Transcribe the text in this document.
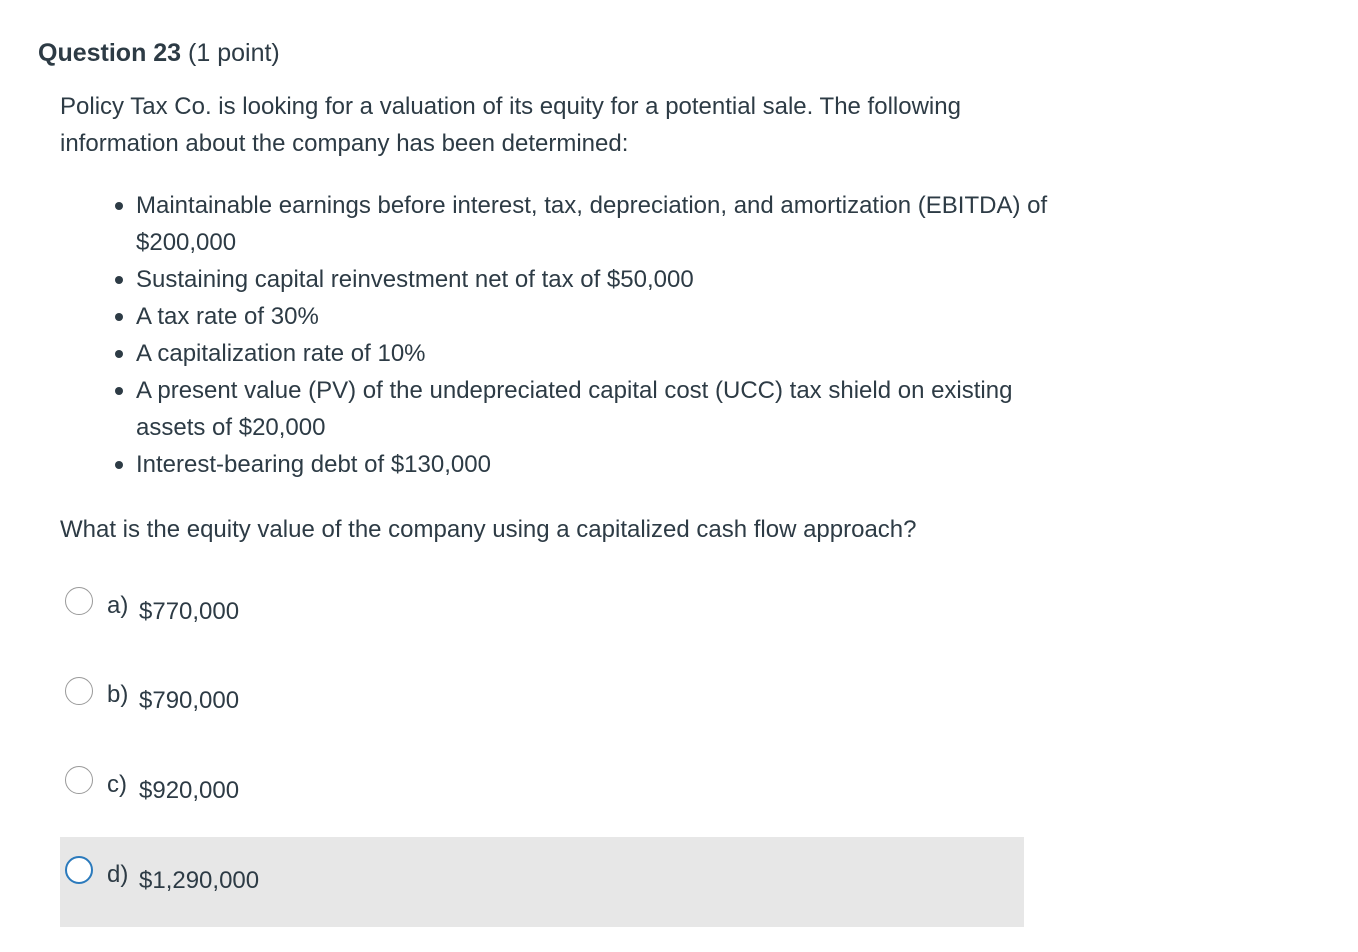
Question 23 (1 point)

Policy Tax Co. is looking for a valuation of its equity for a potential sale. The following information about the company has been determined:

Maintainable earnings before interest, tax, depreciation, and amortization (EBITDA) of $200,000
Sustaining capital reinvestment net of tax of $50,000
A tax rate of 30%
A capitalization rate of 10%
A present value (PV) of the undepreciated capital cost (UCC) tax shield on existing assets of $20,000
Interest-bearing debt of $130,000

What is the equity value of the company using a capitalized cash flow approach?

a) $770,000
b) $790,000
c) $920,000
d) $1,290,000
